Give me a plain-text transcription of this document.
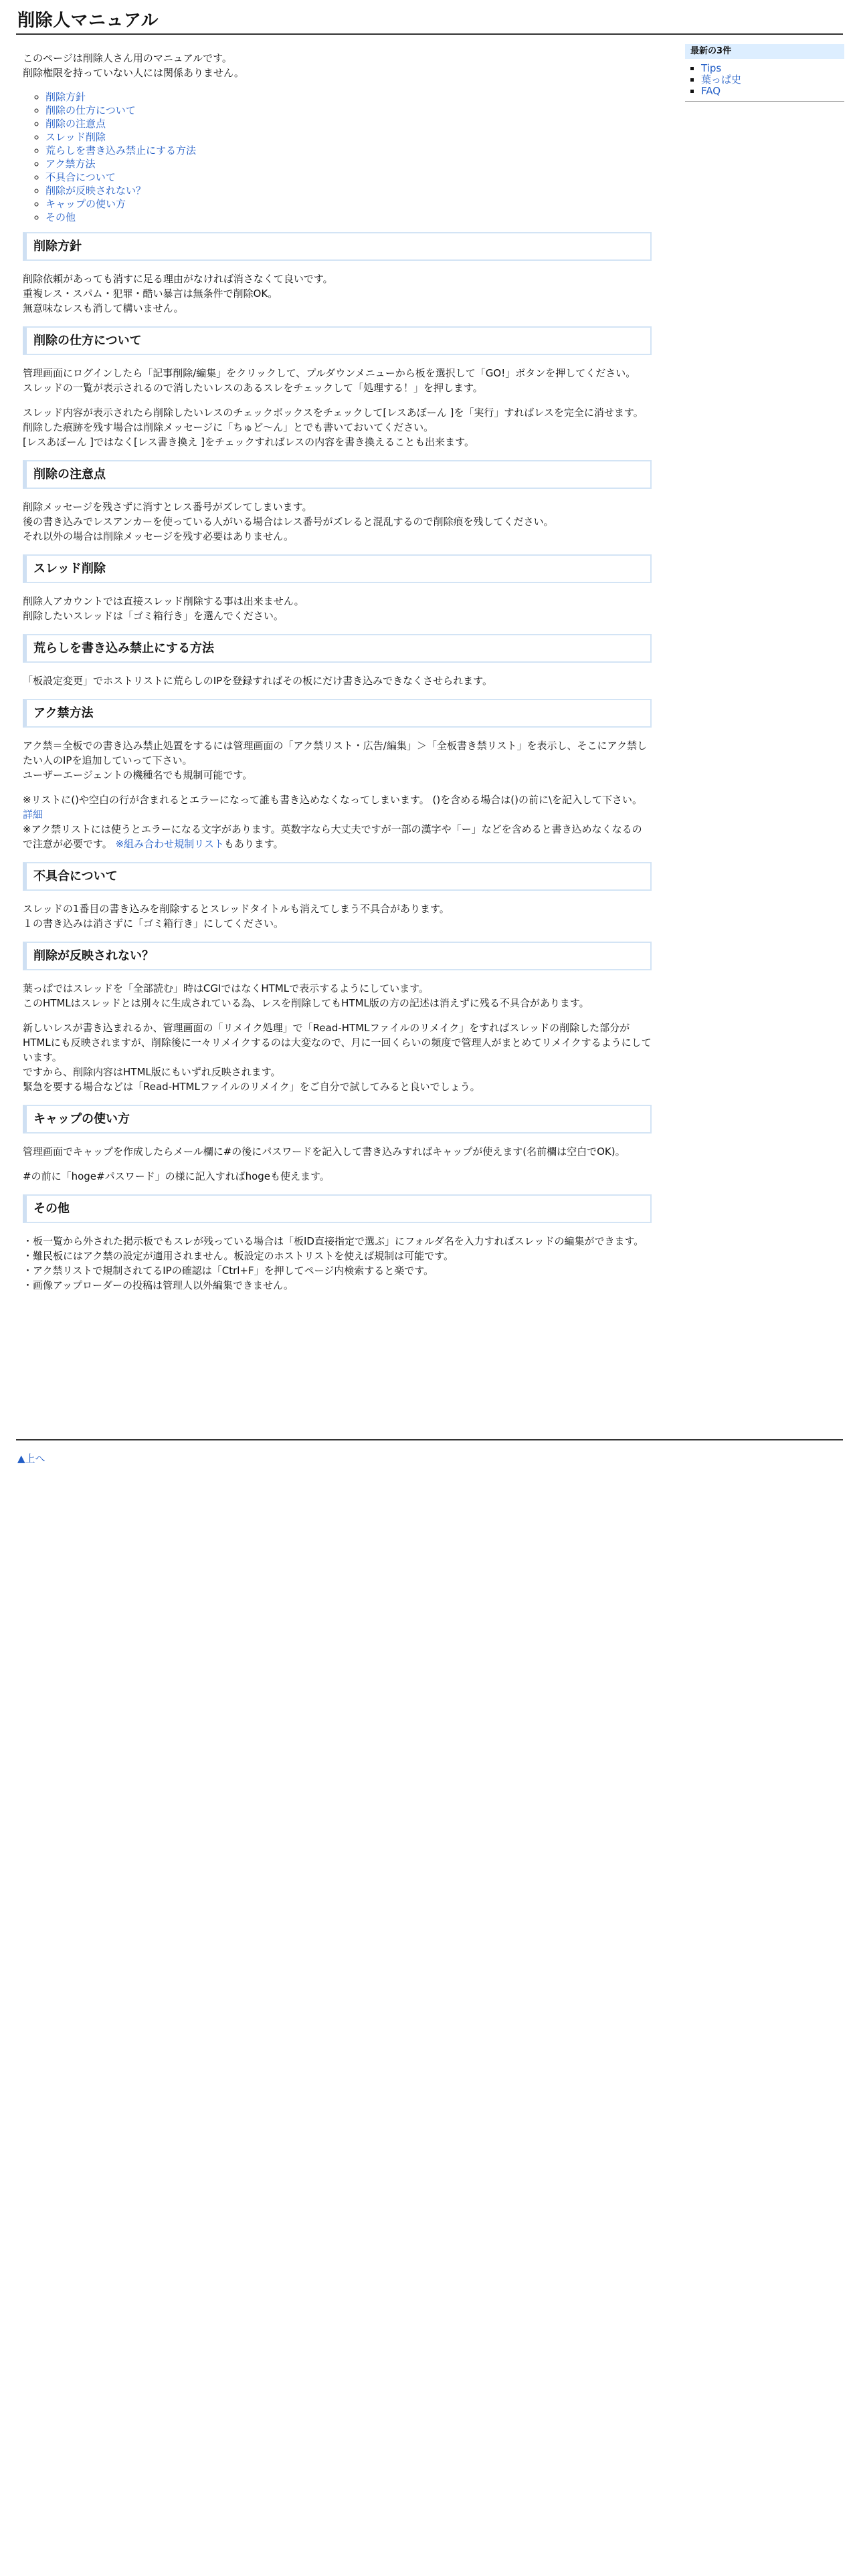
削除人マニュアル
最新の3件
▪ Tips
▪ 葉っぱ史
▪ FAQ

このページは削除人さん用のマニュアルです。
削除権限を持っていない人には関係ありません。

◦ 削除方針
◦ 削除の仕方について
◦ 削除の注意点
◦ スレッド削除
◦ 荒らしを書き込み禁止にする方法
◦ アク禁方法
◦ 不具合について
◦ 削除が反映されない？
◦ キャップの使い方
◦ その他
削除方針

削除依頼があっても消すに足る理由がなければ消さなくて良いです。
重複レス・スパム・犯罪・酷い暴言は無条件で削除OK。
無意味なレスも消して構いません。

削除の仕方について

管理画面にログインしたら「記事削除/編集」をクリックして、プルダウンメニューから板を選択して「GO!」ボタンを押してください。
スレッドの一覧が表示されるので消したいレスのあるスレをチェックして「処理する！」を押します。

スレッド内容が表示されたら削除したいレスのチェックボックスをチェックして[レスあぼーん ]を「実行」すればレスを完全に消せます。
削除した痕跡を残す場合は削除メッセージに「ちゅど～ん」とでも書いておいてください。
[レスあぼーん ]ではなく[レス書き換え ]をチェックすればレスの内容を書き換えることも出来ます。

削除の注意点

削除メッセージを残さずに消すとレス番号がズレてしまいます。
後の書き込みでレスアンカーを使っている人がいる場合はレス番号がズレると混乱するので削除痕を残してください。
それ以外の場合は削除メッセージを残す必要はありません。

スレッド削除

削除人アカウントでは直接スレッド削除する事は出来ません。
削除したいスレッドは「ゴミ箱行き」を選んでください。

荒らしを書き込み禁止にする方法

「板設定変更」でホストリストに荒らしのIPを登録すればその板にだけ書き込みできなくさせられます。

アク禁方法

アク禁＝全板での書き込み禁止処置をするには管理画面の「アク禁リスト・広告/編集」＞「全板書き禁リスト」を表示し、そこにアク禁したい人のIPを追加していって下さい。
ユーザーエージェントの機種名でも規制可能です。

※リストに()や空白の行が含まれるとエラーになって誰も書き込めなくなってしまいます。 ()を含める場合は()の前に\を記入して下さい。詳細
※アク禁リストには使うとエラーになる文字があります。英数字なら大丈夫ですが一部の漢字や「ー」などを含めると書き込めなくなるので注意が必要です。 ※組み合わせ規制リストもあります。

不具合について

スレッドの1番目の書き込みを削除するとスレッドタイトルも消えてしまう不具合があります。
１の書き込みは消さずに「ゴミ箱行き」にしてください。

削除が反映されない？

葉っぱではスレッドを「全部読む」時はCGIではなくHTMLで表示するようにしています。
このHTMLはスレッドとは別々に生成されている為、レスを削除してもHTML版の方の記述は消えずに残る不具合があります。

新しいレスが書き込まれるか、管理画面の「リメイク処理」で「Read-HTMLファイルのリメイク」をすればスレッドの削除した部分がHTMLにも反映されますが、削除後に一々リメイクするのは大変なので、月に一回くらいの頻度で管理人がまとめてリメイクするようにしています。
ですから、削除内容はHTML版にもいずれ反映されます。
緊急を要する場合などは「Read-HTMLファイルのリメイク」をご自分で試してみると良いでしょう。

キャップの使い方

管理画面でキャップを作成したらメール欄に#の後にパスワードを記入して書き込みすればキャップが使えます(名前欄は空白でOK)。

#の前に「hoge#パスワード」の様に記入すればhogeも使えます。

その他

・板一覧から外された掲示板でもスレが残っている場合は「板ID直接指定で選ぶ」にフォルダ名を入力すればスレッドの編集ができます。
・難民板にはアク禁の設定が適用されません。板設定のホストリストを使えば規制は可能です。
・アク禁リストで規制されてるIPの確認は「Ctrl+F」を押してページ内検索すると楽です。
・画像アップローダーの投稿は管理人以外編集できません。

▲上へ
